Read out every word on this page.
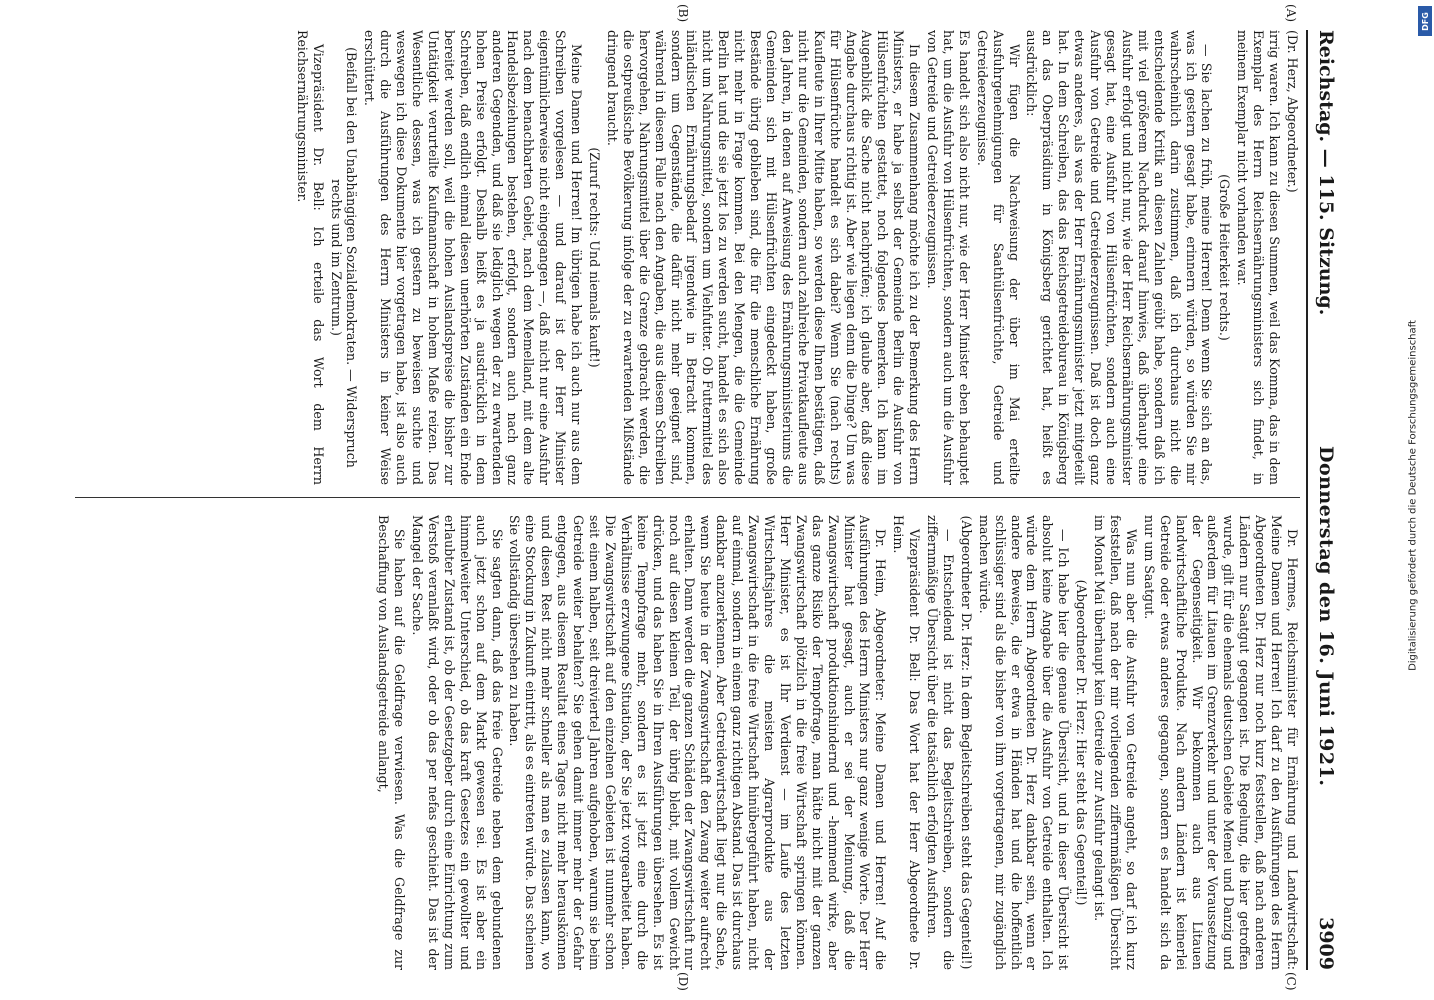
Reichstag. — 115. Sitzung.
Donnerstag den 16. Juni 1921.
3909

(Dr. Herz, Abgeordneter.)

irrig waren. Ich kann zu diesen Summen, weil das Komma, das in dem Exemplar des Herrn Reichsernährungsministers sich findet, in meinem Exemplar nicht vorhanden war.

(Große Heiterkeit rechts.)

— Sie lachen zu früh, meine Herren! Denn wenn Sie sich an das, was ich gestern gesagt habe, erinnern würden, so würden Sie mir wahrscheinlich darin zustimmen, daß ich durchaus nicht die entscheidende Kritik an diesen Zahlen geübt habe, sondern daß ich mit viel größerem Nachdruck darauf hinwies, daß überhaupt eine Ausfuhr erfolgt und nicht nur, wie der Herr Reichsernährungsminister gesagt hat, eine Ausfuhr von Hülsenfrüchten, sondern auch eine Ausfuhr von Getreide und Getreideerzeugnissen. Daß ist doch ganz etwas anderes, als was der Herr Ernährungsminister jetzt mitgeteilt hat. In dem Schreiben, das das Reichsgetreidebureau in Königsberg an das Oberpräsidium in Königsberg gerichtet hat, heißt es ausdrücklich:

Wir fügen die Nachweisung der über im Mai erteilte Ausfuhrgenehmigungen für Saathülsenfrüchte, Getreide und Getreideerzeugnisse.

Es handelt sich also nicht nur, wie der Herr Minister eben behauptet hat, um die Ausfuhr von Hülsenfrüchten, sondern auch um die Ausfuhr von Getreide und Getreideerzeugnissen.

In diesem Zusammenhang möchte ich zu der Bemerkung des Herrn Ministers, er habe ja selbst der Gemeinde Berlin die Ausfuhr von Hülsenfrüchten gestattet, noch folgendes bemerken. Ich kann im Augenblick die Sache nicht nachprüfen; ich glaube aber, daß diese Angabe durchaus richtig ist. Aber wie liegen denn die Dinge? Um was für Hülsenfrüchte handelt es sich dabei? Wenn Sie (nach rechts) Kaufleute in Ihrer Mitte haben, so werden diese Ihnen bestätigen, daß nicht nur die Gemeinden, sondern auch zahlreiche Privatkaufleute aus den Jahren, in denen auf Anweisung des Ernährungsministeriums die Gemeinden sich mit Hülsenfrüchten eingedeckt haben, große Bestände übrig geblieben sind, die für die menschliche Ernährung nicht mehr in Frage kommen. Bei den Mengen, die die Gemeinde Berlin hat und die sie jetzt los zu werden sucht, handelt es sich also nicht um Nahrungsmittel, sondern um Viehfutter. Ob Futtermittel des inländischen Ernährungsbedarf irgendwie in Betracht kommen, sondern um Gegenstände, die dafür nicht mehr geeignet sind, während in diesem Falle nach den Angaben, die aus diesem Schreiben hervorgehen, Nahrungsmittel über die Grenze gebracht werden, die die ostpreußische Bevölkerung infolge der zu erwartenden Mißstände dringend braucht.

(Zuruf rechts: Und niemals kauft!)

Meine Damen und Herren! Im übrigen habe ich auch nur aus dem Schreiben vorgelesen — und darauf ist der Herr Minister eigentümlicherweise nicht eingegangen —, daß nicht nur eine Ausfuhr nach dem benachbarten Gebiet, nach dem Memelland, mit dem alte Handelsbeziehungen bestehen, erfolgt, sondern auch nach ganz anderen Gegenden, und daß sie lediglich wegen der zu erwartenden hohen Preise erfolgt. Deshalb heißt es ja ausdrücklich in dem Schreiben, daß endlich einmal diesen unerhörten Zuständen ein Ende bereitet werden soll, weil die hohen Auslandspreise die bisher zur Untätigkeit verurteilte Kaufmannschaft in hohem Maße reizen. Das Wesentliche dessen, was ich gestern zu beweisen suchte und weswegen ich diese Dokumente hier vorgetragen habe, ist also auch durch die Ausführungen des Herrn Ministers in keiner Weise erschüttert.

(Beifall bei den Unabhängigen Sozialdemokraten. — Widerspruch rechts und im Zentrum.)

Vizepräsident Dr. Bell: Ich erteile das Wort dem Herrn Reichsernährungsminister.

Dr. Hermes, Reichsminister für Ernährung und Landwirtschaft: Meine Damen und Herren! Ich darf zu den Ausführungen des Herrn Abgeordneten Dr. Herz nur noch kurz feststellen, daß nach anderen Ländern nur Saatgut gegangen ist. Die Regelung, die hier getroffen wurde, gilt für die ehemals deutschen Gebiete Memel und Danzig und außerdem für Litauen im Grenzverkehr und unter der Voraussetzung der Gegenseitigkeit. Wir bekommen auch aus Litauen landwirtschaftliche Produkte. Nach andern Ländern ist keinerlei Getreide oder etwas anderes gegangen, sondern es handelt sich da nur um Saatgut.

Was nun aber die Ausfuhr von Getreide angeht, so darf ich kurz feststellen, daß nach der mir vorliegenden ziffernmäßigen Übersicht im Monat Mai überhaupt kein Getreide zur Ausfuhr gelangt ist.

(Abgeordneter Dr. Herz: Hier steht das Gegenteil!)

— Ich habe hier die genaue Übersicht, und in dieser Übersicht ist absolut keine Angabe über die Ausfuhr von Getreide enthalten. Ich würde dem Herrn Abgeordneten Dr. Herz dankbar sein, wenn er andere Beweise, die er etwa in Händen hat und die hoffentlich schlüssiger sind als die bisher von ihm vorgetragenen, mir zugänglich machen würde.

(Abgeordneter Dr. Herz: In dem Begleitschreiben steht das Gegenteil!)

— Entscheidend ist nicht das Begleitschreiben, sondern die ziffernmäßige Übersicht über die tatsächlich erfolgten Ausfuhren.

Vizepräsident Dr. Bell: Das Wort hat der Herr Abgeordnete Dr. Heim.

Dr. Heim, Abgeordneter: Meine Damen und Herren! Auf die Ausführungen des Herrn Ministers nur ganz wenige Worte. Der Herr Minister hat gesagt, auch er sei der Meinung, daß die Zwangswirtschaft produktionshindernd und -hemmend wirke, aber das ganze Risiko der Tempofrage, man hätte nicht mit der ganzen Zwangswirtschaft plötzlich in die freie Wirtschaft springen können. Herr Minister, es ist Ihr Verdienst — im Laufe des letzten Wirtschaftsjahres die meisten Agrarprodukte aus der Zwangswirtschaft in die freie Wirtschaft hinübergeführt haben, nicht auf einmal, sondern in einem ganz richtigen Abstand. Das ist durchaus dankbar anzuerkennen. Aber Getreidewirtschaft liegt nur die Sache, wenn Sie heute in der Zwangswirtschaft den Zwang weiter aufrecht erhalten. Dann werden die ganzen Schäden der Zwangswirtschaft nur noch auf diesen kleinen Teil, der übrig bleibt, mit vollem Gewicht drücken, und das haben Sie in Ihren Ausführungen übersehen. Es ist keine Tempofrage mehr, sondern es ist jetzt eine durch die Verhältnisse erzwungene Situation, der Sie jetzt vorgearbeitet haben. Die Zwangswirtschaft auf den einzelnen Gebieten ist nunmehr schon seit einem halben, seit dreiviertel Jahren aufgehoben, warum sie beim Getreide weiter behalten? Sie gehen damit immer mehr der Gefahr entgegen, aus diesem Resultat eines Tages nicht mehr herauskönnen und diesen Rest nicht mehr schneller als man es zulassen kann, wo eine Stockung in Zukunft eintritt, als es eintreten würde. Das scheinen Sie vollständig übersehen zu haben.

Sie sagten dann, daß das freie Getreide neben dem gebundenen auch jetzt schon auf dem Markt gewesen sei. Es ist aber ein himmelweiter Unterschied, ob das kraft Gesetzes ein gewollter und erlaubter Zustand ist, ob der Gesetzgeber durch eine Einrichtung zum Verstoß veranlaßt wird, oder ob das per nefas geschieht. Das ist der Mangel der Sache.

Sie haben auf die Geldfrage verwiesen. Was die Geldfrage zur Beschaffung von Auslandsgetreide anlangt,

(A)
(B)
(C)
(D)
Digitalisierung gefördert durch die Deutsche Forschungsgemeinschaft
DFG
